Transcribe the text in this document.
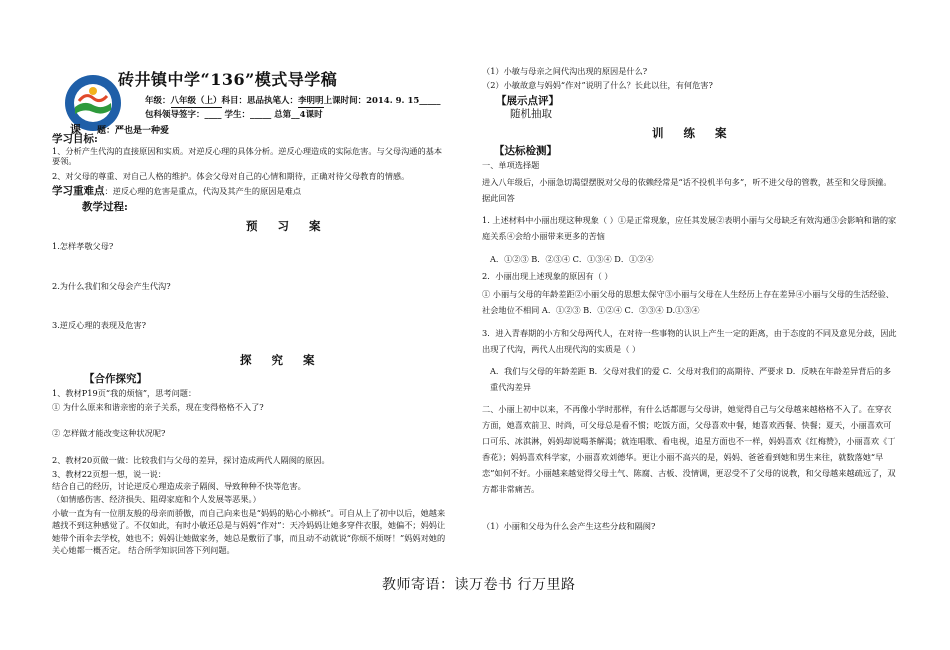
砖井镇中学“136”模式导学稿
年级：八年级（上）科目：思品执笔人：李明明上课时间：2014. 9. 15_____
包科领导签字：____ 学生：_____ 总第__4课时
课 题：严也是一种爱
学习目标:
1、分析产生代沟的直接原因和实质。对逆反心理的具体分析。逆反心理造成的实际危害。与父母沟通的基本要领。
2、对父母的尊重、对自己人格的维护。体会父母对自己的心情和期待，正确对待父母教育的情感。
学习重难点：逆反心理的危害是重点，代沟及其产生的原因是难点
教学过程:
预 习 案
1.怎样孝敬父母?
2.为什么我们和父母会产生代沟?
3.逆反心理的表现及危害?
探 究 案
【合作探究】
1、教材P19页“我的烦恼”，思考问题：
① 为什么原来和谐亲密的亲子关系，现在变得格格不入了?
② 怎样做才能改变这种状况呢?
2、教材20页做一做：比较我们与父母的差异，探讨造成两代人隔阂的原因。
3、教材22页想一想，说一说：
结合自己的经历，讨论逆反心理造成亲子隔阂、导致种种不快等危害。
（如情感伤害、经济损失、阻碍家庭和个人发展等恶果。）
小敏一直为有一位朋友般的母亲而骄傲，而自己向来也是“妈妈的贴心小棉袄”。可自从上了初中以后，她越来越找不到这种感觉了。不仅如此，有时小敏还总是与妈妈“作对”：天冷妈妈让她多穿件衣服，她偏不；妈妈让她带个雨伞去学校，她也不；妈妈让她做家务，她总是敷衍了事，而且动不动就说“你烦不烦呀！”妈妈对她的关心她都一概否定。 结合所学知识回答下列问题。
（1）小敏与母亲之间代沟出现的原因是什么?
（2）小敏故意与妈妈“作对”说明了什么？长此以往，有何危害?
【展示点评】
随机抽取
训 练 案
【达标检测】
一、单项选择题
进入八年级后，小丽急切渴望摆脱对父母的依赖经常是“话不投机半句多”，听不进父母的管教，甚至和父母顶撞。据此回答
1. 上述材料中小丽出现这种现象（ ）①是正常现象，应任其发展②表明小丽与父母缺乏有效沟通③会影响和谐的家庭关系④会给小丽带来更多的苦恼
A．①②③ B．②③④ C．①③④ D．①②④
2．小丽出现上述现象的原因有（ ）
① 小丽与父母的年龄差距②小丽父母的思想太保守③小丽与父母在人生经历上存在差异④小丽与父母的生活经验、社会地位不相同 A．①②③ B．①②④ C．②③④ D.①③④
3．进入青春期的小方和父母两代人，在对待一些事物的认识上产生一定的距离，由于态度的不同及意见分歧，因此出现了代沟，两代人出现代沟的实质是（ ）
A．我们与父母的年龄差距 B．父母对我们的爱 C．父母对我们的高期待、严要求 D．反映在年龄差异背后的多重代沟差异
二、小丽上初中以来，不再像小学时那样，有什么话都愿与父母讲，她觉得自己与父母越来越格格不入了。在穿衣方面，她喜欢前卫、时尚，可父母总是看不惯；吃饭方面，父母喜欢中餐，她喜欢西餐、快餐；夏天，小丽喜欢可口可乐、冰淇淋，妈妈却说喝茶解渴；就连唱歌、看电视，追星方面也不一样，妈妈喜欢《红梅赞》，小丽喜欢《丁香花》；妈妈喜欢科学家，小丽喜欢刘德华。更让小丽不高兴的是，妈妈、爸爸看到她和男生来往，就数落她“早恋”如何不好。小丽越来越觉得父母土气、陈腐、古板、没情调，更忍受不了父母的说教，和父母越来越疏远了，双方都非常痛苦。
（1）小丽和父母为什么会产生这些分歧和隔阂?
教师寄语：读万卷书 行万里路
